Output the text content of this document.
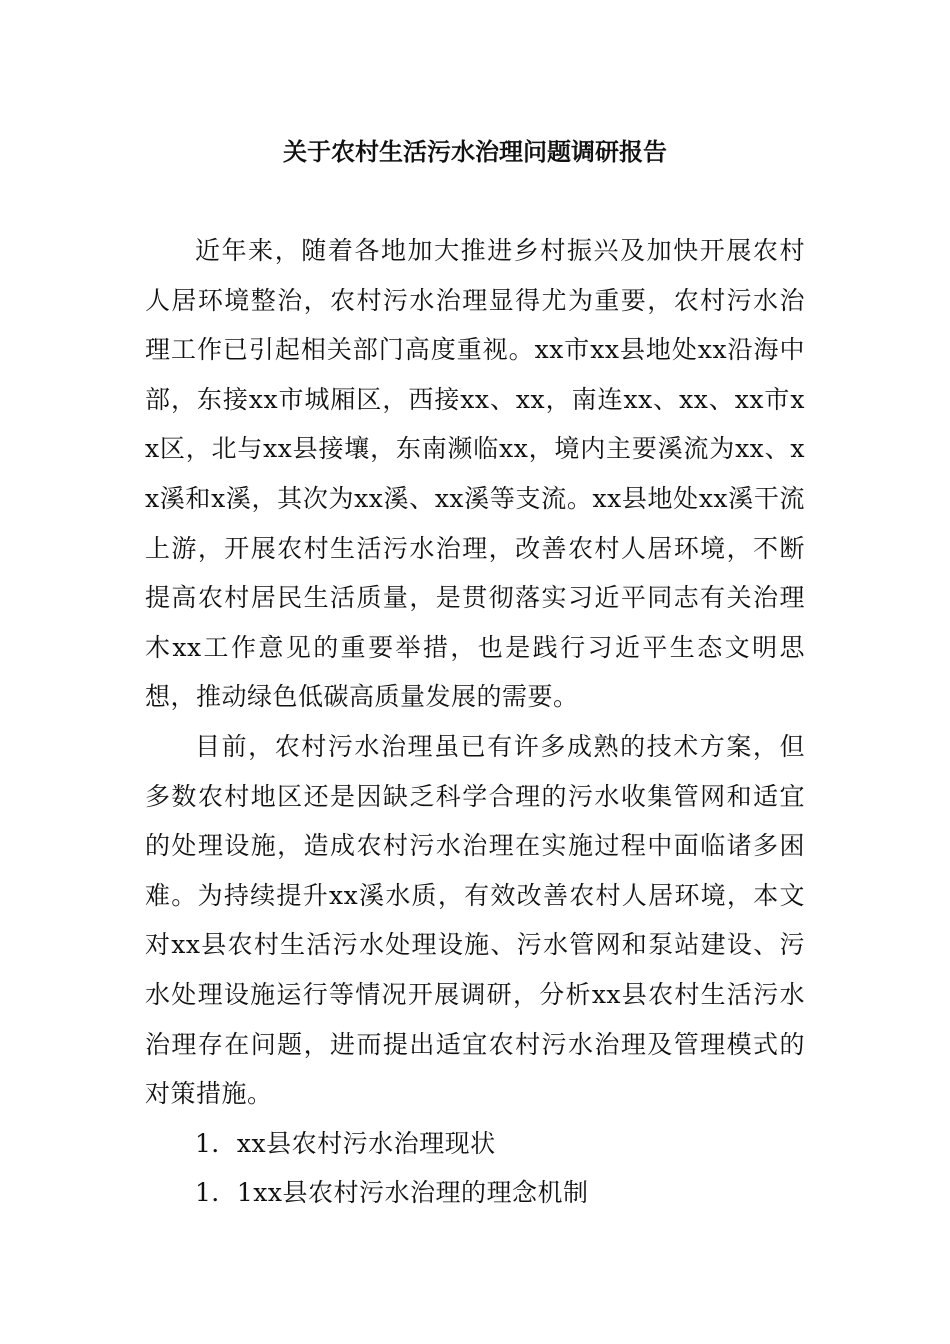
关于农村生活污水治理问题调研报告

近年来，随着各地加大推进乡村振兴及加快开展农村人居环境整治，农村污水治理显得尤为重要，农村污水治理工作已引起相关部门高度重视。xx市xx县地处xx沿海中部，东接xx市城厢区，西接xx、xx，南连xx、xx、xx市xx区，北与xx县接壤，东南濒临xx，境内主要溪流为xx、xx溪和x溪，其次为xx溪、xx溪等支流。xx县地处xx溪干流上游，开展农村生活污水治理，改善农村人居环境，不断提高农村居民生活质量，是贯彻落实习近平同志有关治理木xx工作意见的重要举措，也是践行习近平生态文明思想，推动绿色低碳高质量发展的需要。

目前，农村污水治理虽已有许多成熟的技术方案，但多数农村地区还是因缺乏科学合理的污水收集管网和适宜的处理设施，造成农村污水治理在实施过程中面临诸多困难。为持续提升xx溪水质，有效改善农村人居环境，本文对xx县农村生活污水处理设施、污水管网和泵站建设、污水处理设施运行等情况开展调研，分析xx县农村生活污水治理存在问题，进而提出适宜农村污水治理及管理模式的对策措施。

1．xx县农村污水治理现状

1．1xx县农村污水治理的理念机制
